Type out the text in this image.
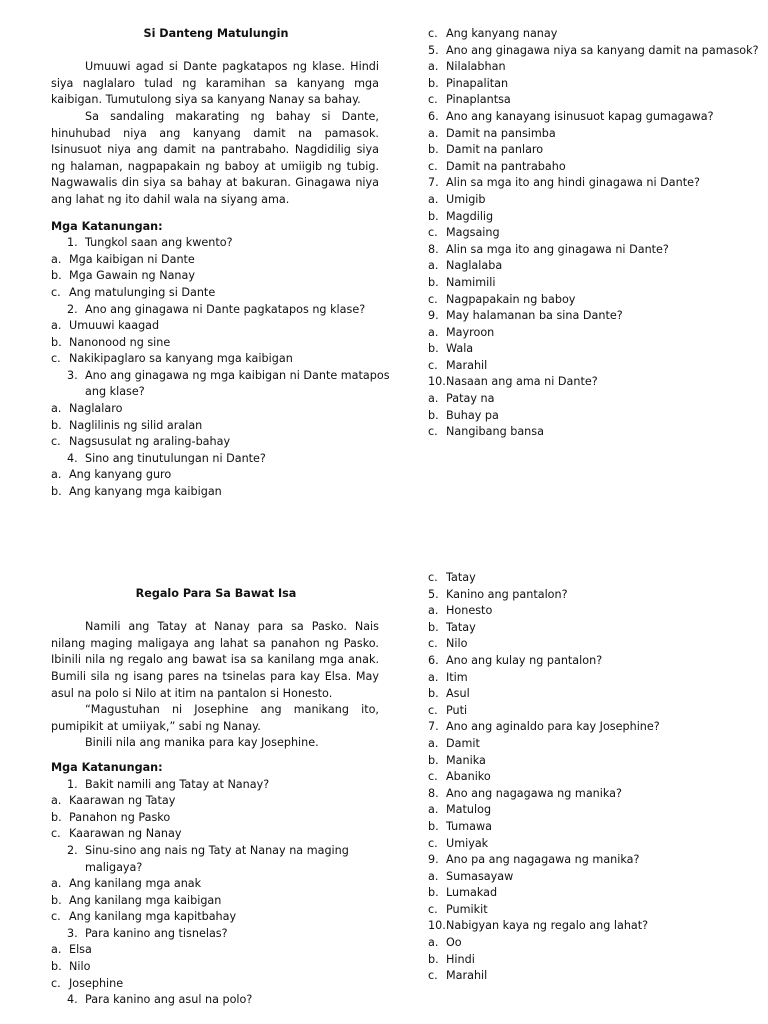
Si Danteng Matulungin

Umuuwi agad si Dante pagkatapos ng klase. Hindi siya naglalaro tulad ng karamihan sa kanyang mga kaibigan. Tumutulong siya sa kanyang Nanay sa bahay.

Sa sandaling makarating ng bahay si Dante, hinuhubad niya ang kanyang damit na pamasok. Isinusuot niya ang damit na pantrabaho. Nagdidilig siya ng halaman, nagpapakain ng baboy at umiigib ng tubig. Nagwawalis din siya sa bahay at bakuran. Ginagawa niya ang lahat ng ito dahil wala na siyang ama.

Mga Katanungan:
1. Tungkol saan ang kwento?
a. Mga kaibigan ni Dante
b. Mga Gawain ng Nanay
c. Ang matulunging si Dante
2. Ano ang ginagawa ni Dante pagkatapos ng klase?
a. Umuuwi kaagad
b. Nanonood ng sine
c. Nakikipaglaro sa kanyang mga kaibigan
3. Ano ang ginagawa ng mga kaibigan ni Dante matapos
ang klase?
a. Naglalaro
b. Naglilinis ng silid aralan
c. Nagsusulat ng araling-bahay
4. Sino ang tinutulungan ni Dante?
a. Ang kanyang guro
b. Ang kanyang mga kaibigan
c. Ang kanyang nanay
5. Ano ang ginagawa niya sa kanyang damit na pamasok?
a. Nilalabhan
b. Pinapalitan
c. Pinaplantsa
6. Ano ang kanayang isinusuot kapag gumagawa?
a. Damit na pansimba
b. Damit na panlaro
c. Damit na pantrabaho
7. Alin sa mga ito ang hindi ginagawa ni Dante?
a. Umigib
b. Magdilig
c. Magsaing
8. Alin sa mga ito ang ginagawa ni Dante?
a. Naglalaba
b. Namimili
c. Nagpapakain ng baboy
9. May halamanan ba sina Dante?
a. Mayroon
b. Wala
c. Marahil
10.Nasaan ang ama ni Dante?
a. Patay na
b. Buhay pa
c. Nangibang bansa
Regalo Para Sa Bawat Isa

Namili ang Tatay at Nanay para sa Pasko. Nais nilang maging maligaya ang lahat sa panahon ng Pasko. Ibinili nila ng regalo ang bawat isa sa kanilang mga anak. Bumili sila ng isang pares na tsinelas para kay Elsa. May asul na polo si Nilo at itim na pantalon si Honesto.

“Magustuhan ni Josephine ang manikang ito, pumipikit at umiiyak,” sabi ng Nanay.

Binili nila ang manika para kay Josephine.

Mga Katanungan:
1. Bakit namili ang Tatay at Nanay?
a. Kaarawan ng Tatay
b. Panahon ng Pasko
c. Kaarawan ng Nanay
2. Sinu-sino ang nais ng Taty at Nanay na maging
maligaya?
a. Ang kanilang mga anak
b. Ang kanilang mga kaibigan
c. Ang kanilang mga kapitbahay
3. Para kanino ang tisnelas?
a. Elsa
b. Nilo
c. Josephine
4. Para kanino ang asul na polo?
c. Tatay
5. Kanino ang pantalon?
a. Honesto
b. Tatay
c. Nilo
6. Ano ang kulay ng pantalon?
a. Itim
b. Asul
c. Puti
7. Ano ang aginaldo para kay Josephine?
a. Damit
b. Manika
c. Abaniko
8. Ano ang nagagawa ng manika?
a. Matulog
b. Tumawa
c. Umiyak
9. Ano pa ang nagagawa ng manika?
a. Sumasayaw
b. Lumakad
c. Pumikit
10.Nabigyan kaya ng regalo ang lahat?
a. Oo
b. Hindi
c. Marahil
